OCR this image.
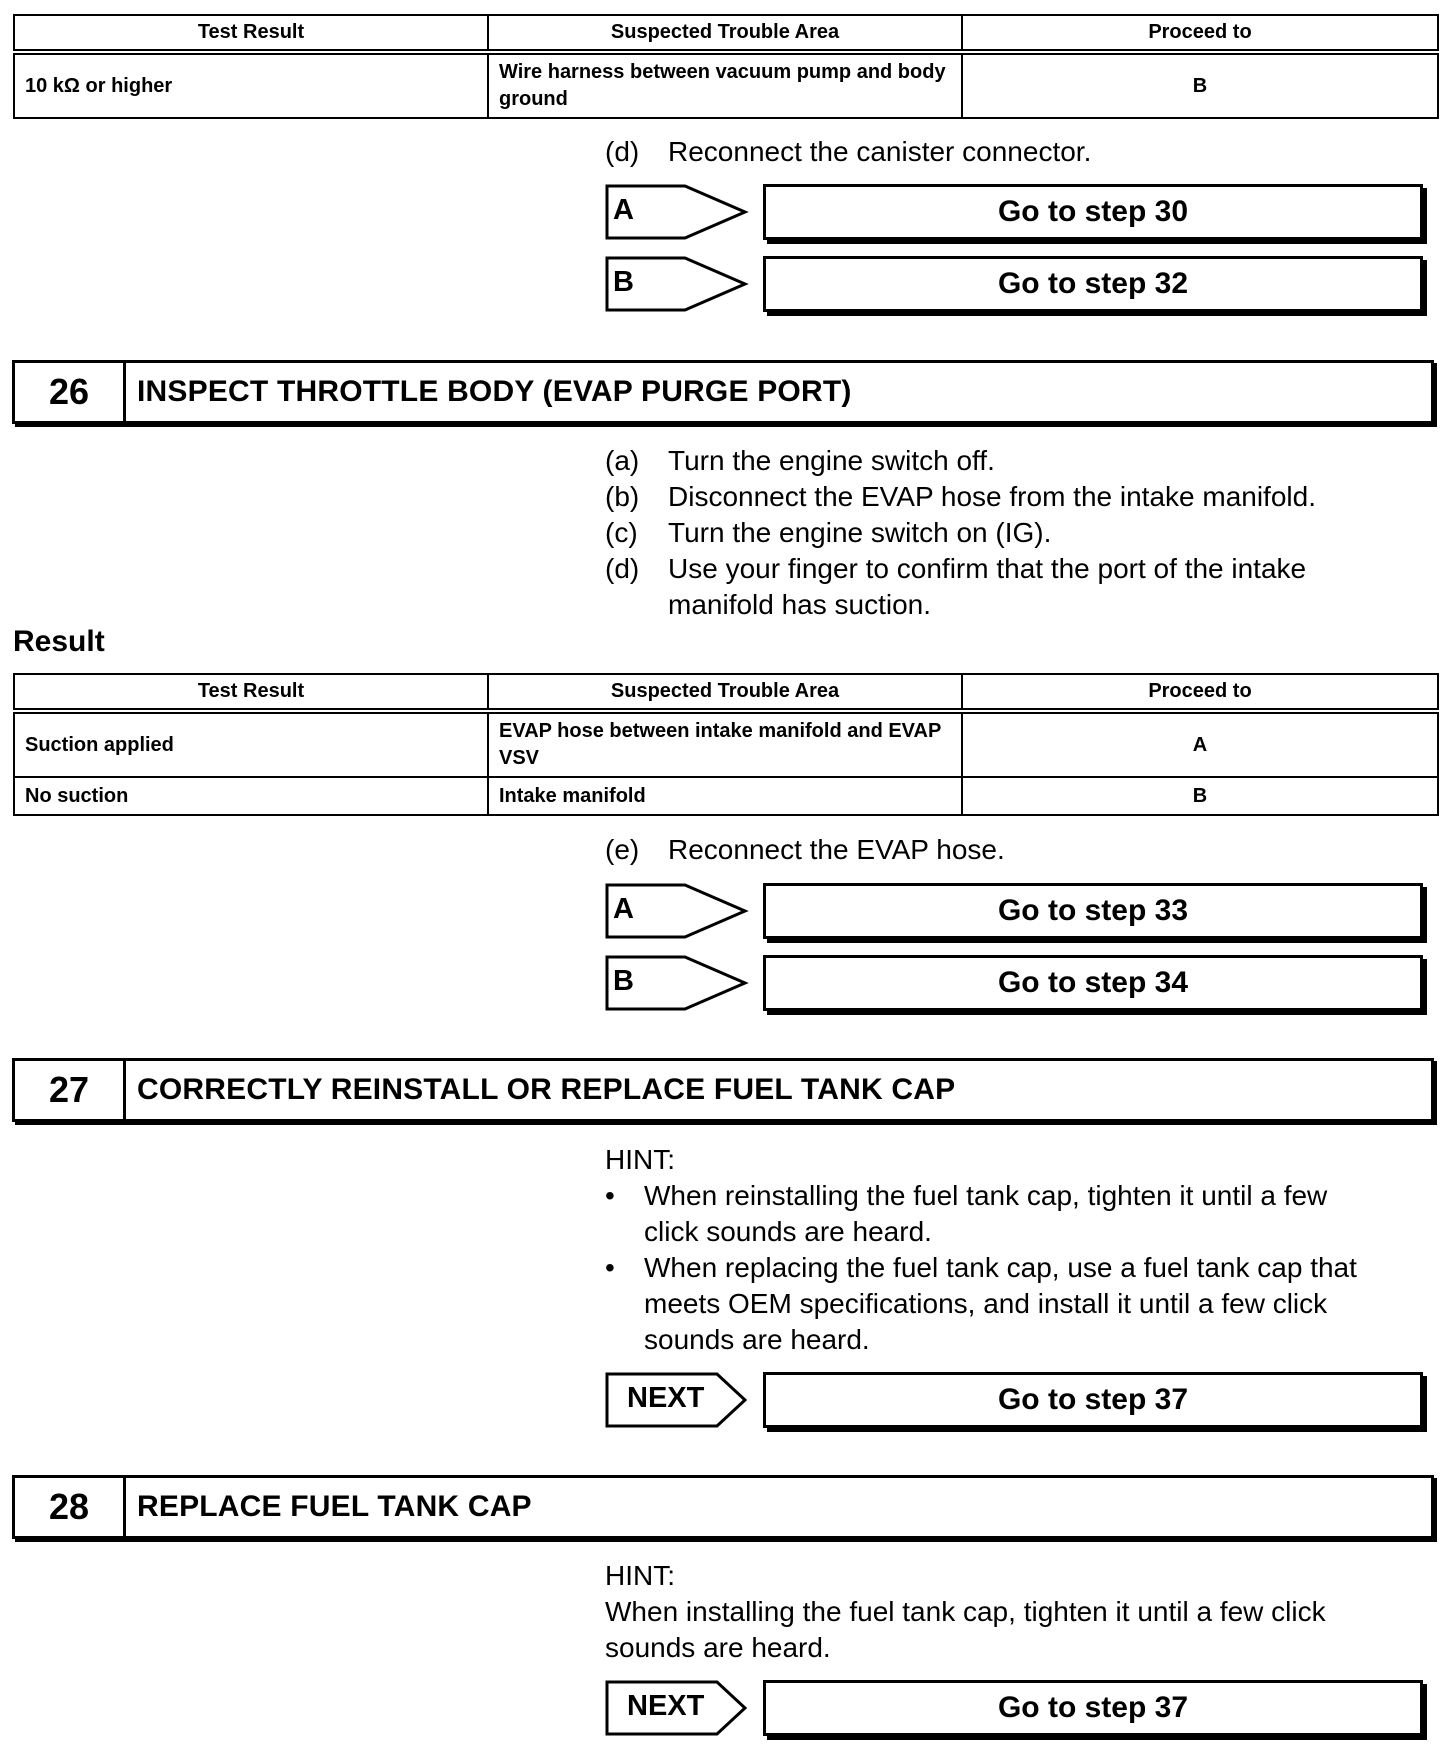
Test Result	Suspected Trouble Area	Proceed to
10 kΩ or higher	Wire harness between vacuum pump and body ground	B
(d) Reconnect the canister connector.
A	Go to step 30
B	Go to step 32
26	INSPECT THROTTLE BODY (EVAP PURGE PORT)
(a) Turn the engine switch off.
(b) Disconnect the EVAP hose from the intake manifold.
(c) Turn the engine switch on (IG).
(d) Use your finger to confirm that the port of the intake
manifold has suction.
Result
Test Result	Suspected Trouble Area	Proceed to
Suction applied	EVAP hose between intake manifold and EVAP VSV	A
No suction	Intake manifold	B
(e) Reconnect the EVAP hose.
A	Go to step 33
B	Go to step 34
27	CORRECTLY REINSTALL OR REPLACE FUEL TANK CAP
HINT:
• When reinstalling the fuel tank cap, tighten it until a few
click sounds are heard.
• When replacing the fuel tank cap, use a fuel tank cap that
meets OEM specifications, and install it until a few click
sounds are heard.
NEXT	Go to step 37
28	REPLACE FUEL TANK CAP
HINT:
When installing the fuel tank cap, tighten it until a few click
sounds are heard.
NEXT	Go to step 37
